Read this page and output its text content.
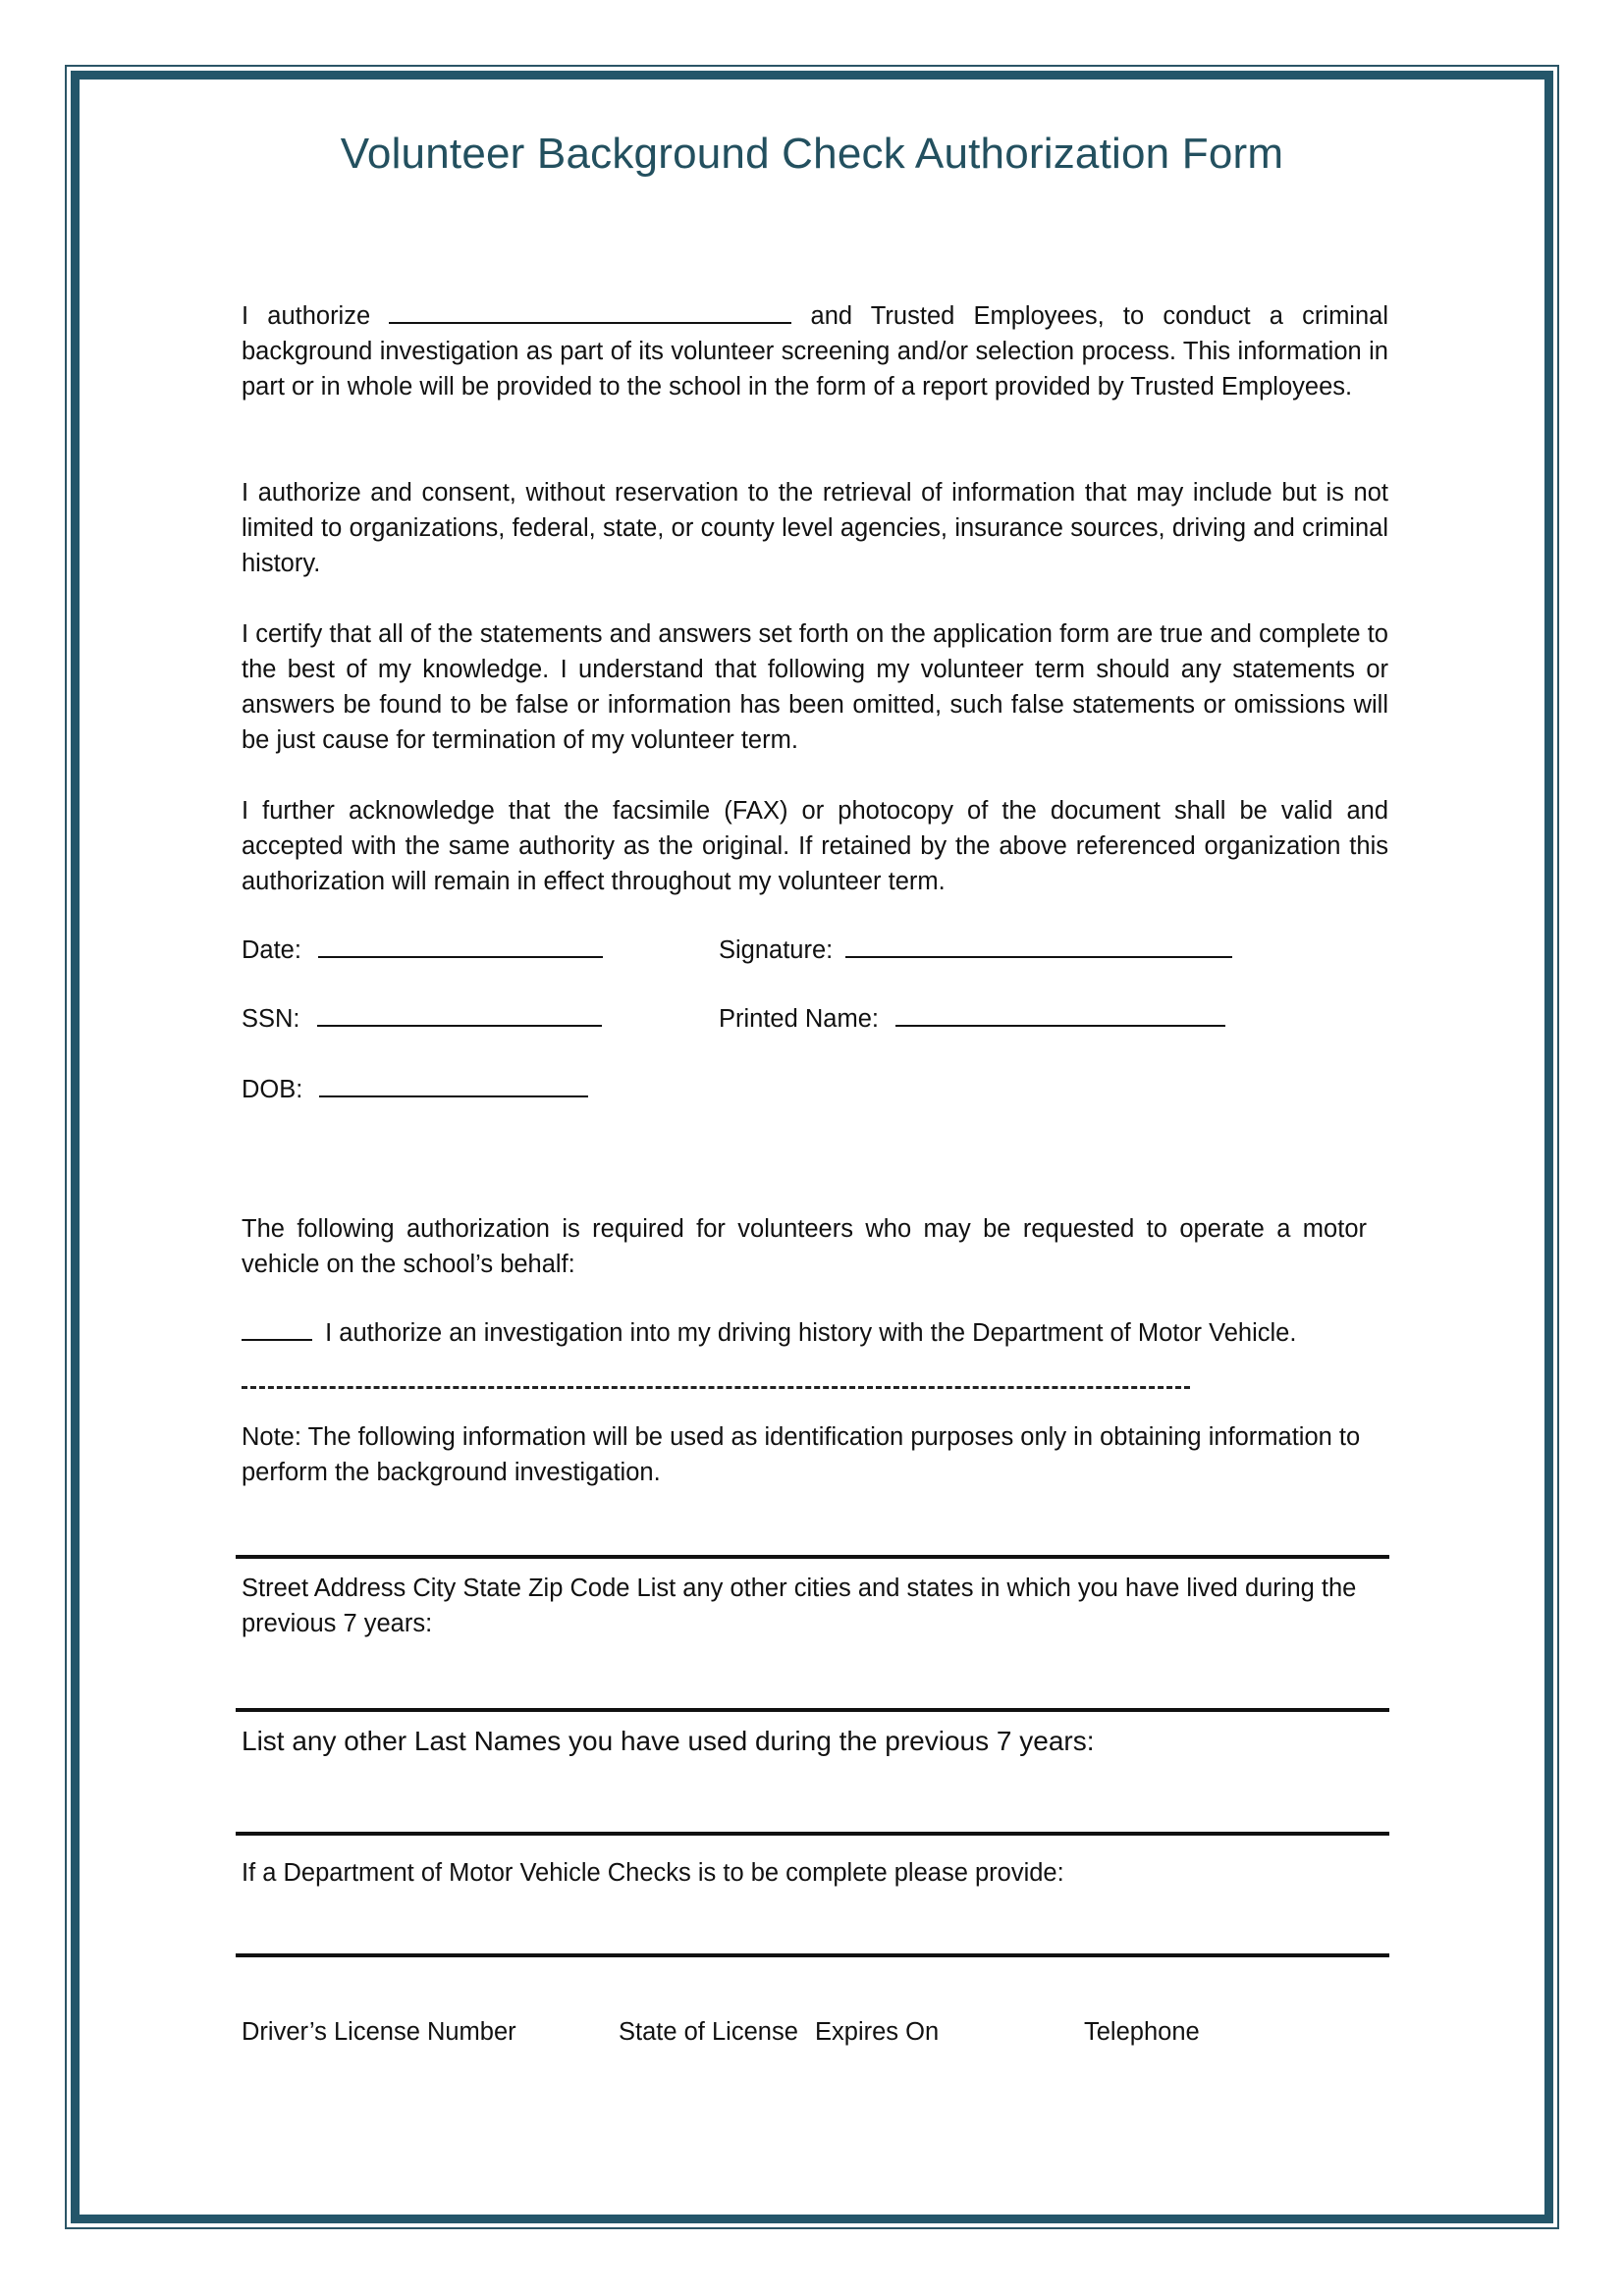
Volunteer Background Check Authorization Form
I authorize	and Trusted Employees, to conduct a criminal background investigation as part of its volunteer screening and/or selection process. This information in part or in whole will be provided to the school in the form of a report provided by Trusted Employees.
I authorize and consent, without reservation to the retrieval of information that may include but is not limited to organizations, federal, state, or county level agencies, insurance sources, driving and criminal history.
I certify that all of the statements and answers set forth on the application form are true and complete to the best of my knowledge. I understand that following my volunteer term should any statements or answers be found to be false or information has been omitted, such false statements or omissions will be just cause for termination of my volunteer term.
I further acknowledge that the facsimile (FAX) or photocopy of the document shall be valid and accepted with the same authority as the original. If retained by the above referenced organization this authorization will remain in effect throughout my volunteer term.
Date:	Signature:
SSN:	Printed Name:
DOB:
The following authorization is required for volunteers who may be requested to operate a motor vehicle on the school’s behalf:
I authorize an investigation into my driving history with the Department of Motor Vehicle.
Note: The following information will be used as identification purposes only in obtaining information to perform the background investigation.
Street Address City State Zip Code List any other cities and states in which you have lived during the previous 7 years:
List any other Last Names you have used during the previous 7 years:
If a Department of Motor Vehicle Checks is to be complete please provide:
Driver’s License Number	State of License Expires On	Telephone
